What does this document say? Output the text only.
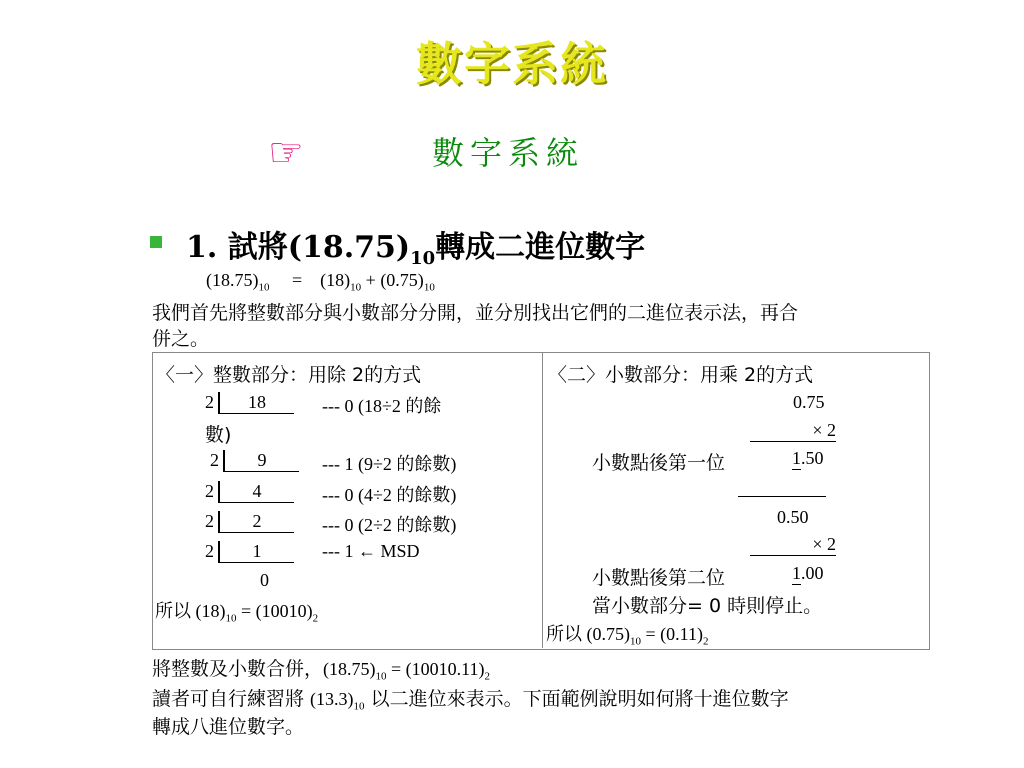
數字系統
☞	數字系統
1. 試將$(18.75)_{10}$轉成二進位數字
$(18.75)_{10} = (18)_{10} + (0.75)_{10}$
我們首先將整數部分與小數部分分開，並分別找出它們的二進位表示法，再合
併之。
〈一〉整數部分：用除 2的方式
2 18	--- 0 (18÷2 的餘
數)
2 9	--- 1 (9÷2 的餘數)
2 4	--- 0 (4÷2 的餘數)
2 2	--- 0 (2÷2 的餘數)
2 1	--- 1 ← MSD
0
所以 $(18)_{10} = (10010)_2$
〈二〉小數部分：用乘 2的方式
0.75
× 2
小數點後第一位	1.50
0.50
× 2
小數點後第二位	1.00
當小數部分= 0 時則停止。
所以 $(0.75)_{10} = (0.11)_2$
將整數及小數合併，$(18.75)_{10} = (10010.11)_2$
讀者可自行練習將 $(13.3)_{10}$ 以二進位來表示。下面範例說明如何將十進位數字
轉成八進位數字。
